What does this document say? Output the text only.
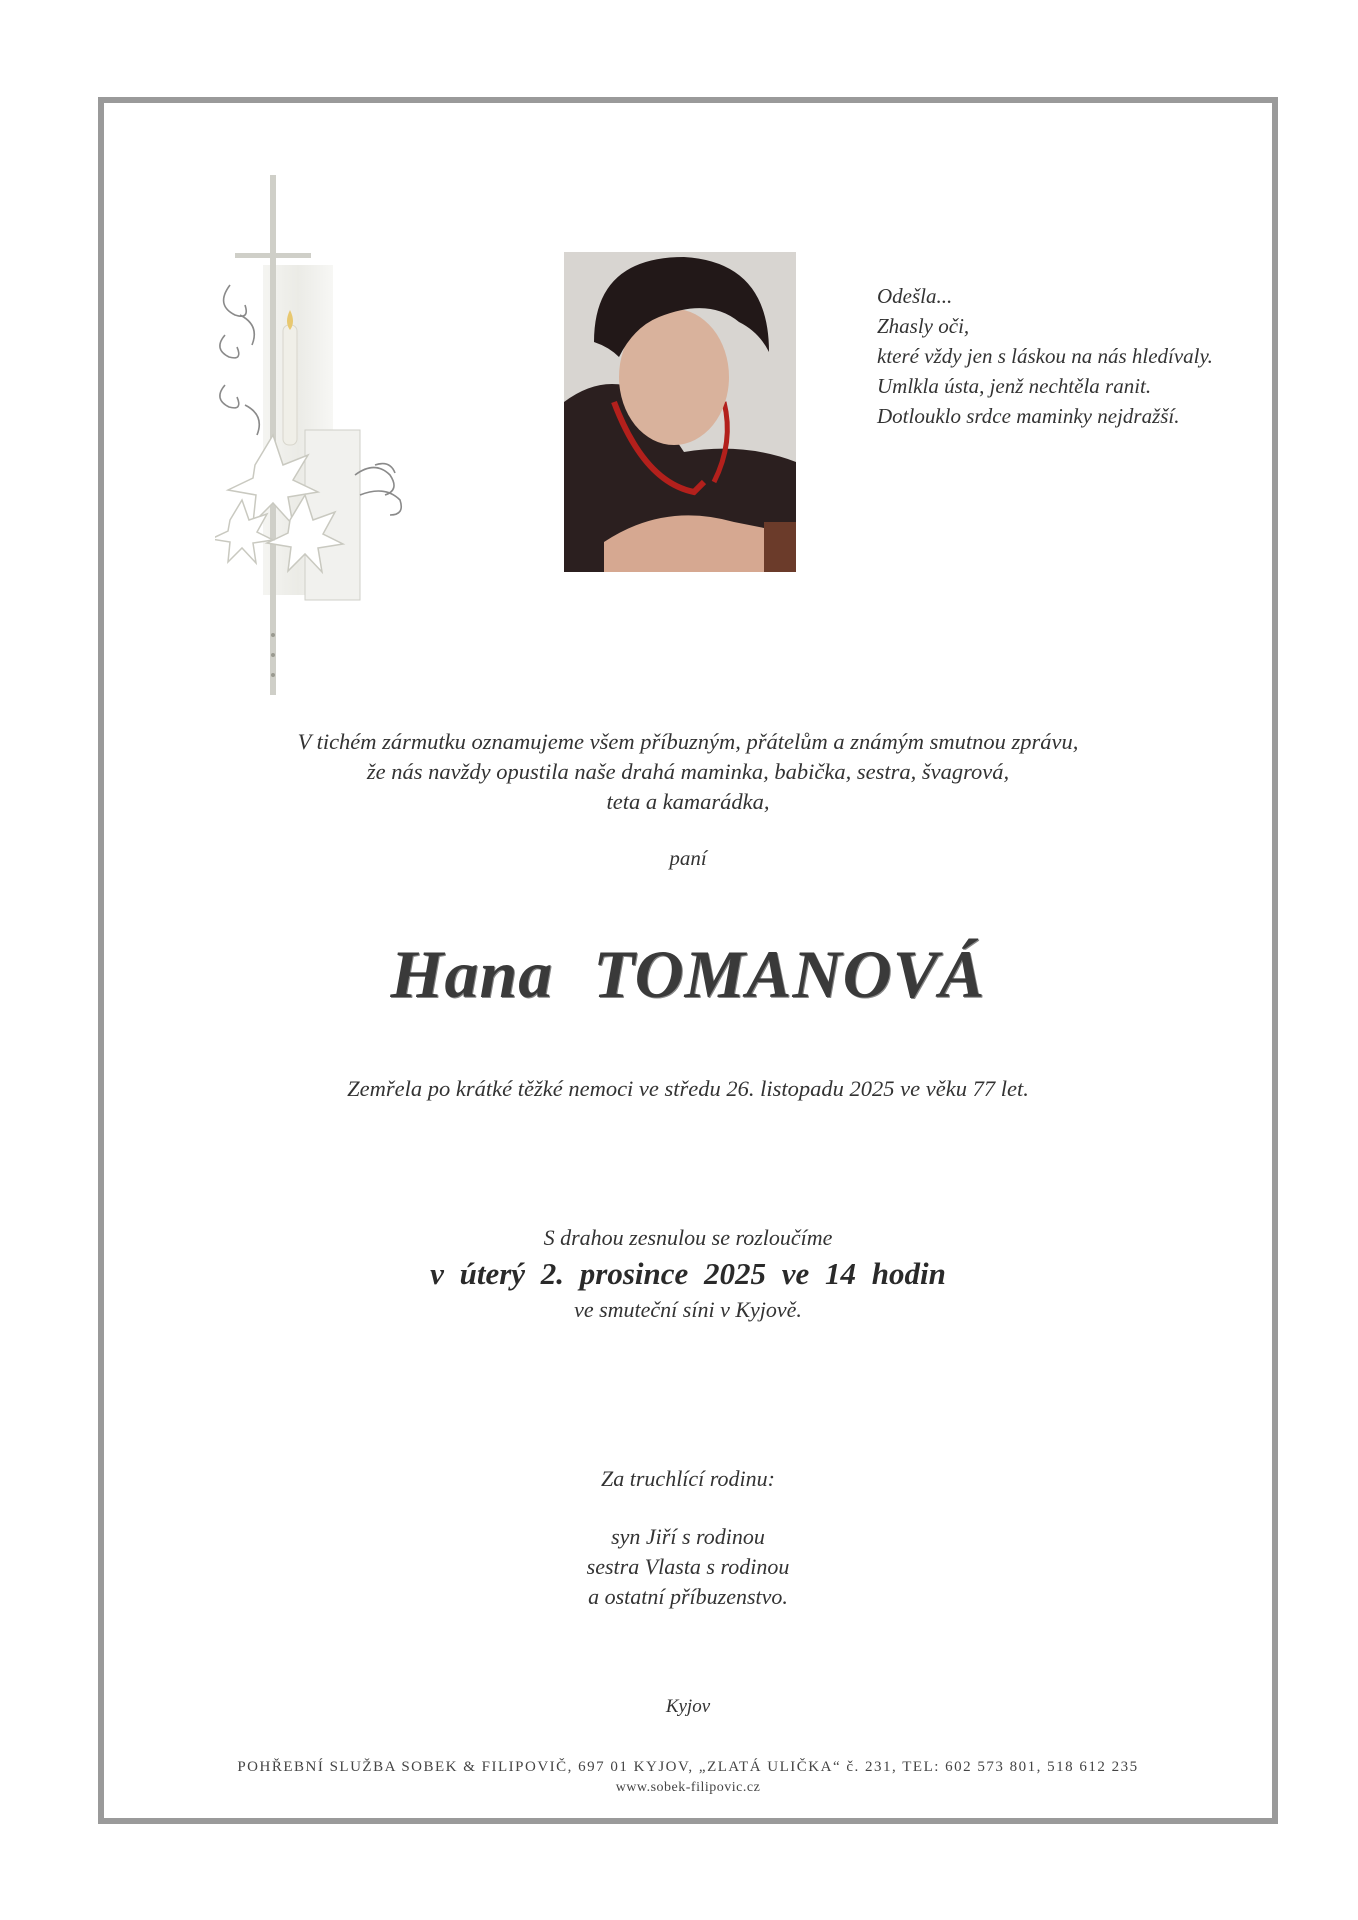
Odešla...
Zhasly oči,
které vždy jen s láskou na nás hledívaly.
Umlkla ústa, jenž nechtěla ranit.
Dotlouklo srdce maminky nejdražší.
V tichém zármutku oznamujeme všem příbuzným, přátelům a známým smutnou zprávu,
že nás navždy opustila naše drahá maminka, babička, sestra, švagrová,
teta a kamarádka,
paní
Hana TOMANOVÁ
Zemřela po krátké těžké nemoci ve středu 26. listopadu 2025 ve věku 77 let.
S drahou zesnulou se rozloučíme
v úterý 2. prosince 2025 ve 14 hodin
ve smuteční síni v Kyjově.
Za truchlící rodinu:
syn Jiří s rodinou
sestra Vlasta s rodinou
a ostatní příbuzenstvo.
Kyjov
POHŘEBNÍ SLUŽBA SOBEK & FILIPOVIČ, 697 01 KYJOV, „ZLATÁ ULIČKA“ č. 231, TEL: 602 573 801, 518 612 235
www.sobek-filipovic.cz
